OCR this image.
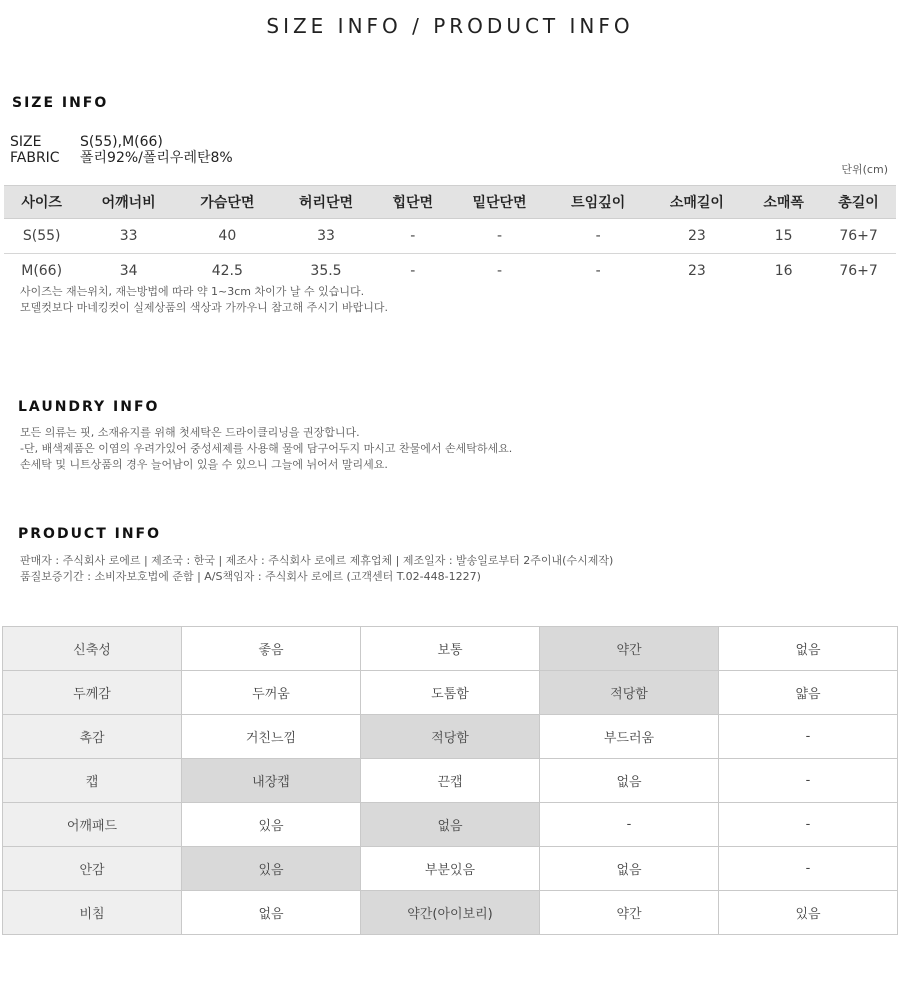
SIZE INFO / PRODUCT INFO
SIZE INFO
SIZE	S(55),M(66)
FABRIC	폴리92%/폴리우레탄8%
단위(cm)
사이즈	어깨너비	가슴단면	허리단면	힙단면	밑단단면	트임깊이	소매길이	소매폭	총길이
S(55)	33	40	33	-	-	-	23	15	76+7
M(66)	34	42.5	35.5	-	-	-	23	16	76+7
사이즈는 재는위치, 재는방법에 따라 약 1~3cm 차이가 날 수 있습니다.
모델컷보다 마네킹컷이 실제상품의 색상과 가까우니 참고해 주시기 바랍니다.
LAUNDRY INFO
모든 의류는 핏, 소재유지를 위해 첫세탁은 드라이클리닝을 권장합니다.
-단, 배색제품은 이염의 우려가있어 중성세제를 사용해 물에 담구어두지 마시고 찬물에서 손세탁하세요.
손세탁 및 니트상품의 경우 늘어남이 있을 수 있으니 그늘에 뉘어서 말리세요.
PRODUCT INFO
판매자 : 주식회사 로에르 | 제조국 : 한국 | 제조사 : 주식회사 로에르 제휴업체 | 제조일자 : 발송일로부터 2주이내(수시제작)
품질보증기간 : 소비자보호법에 준함 | A/S책임자 : 주식회사 로에르 (고객센터 T.02-448-1227)
신축성	좋음	보통	약간	없음
두께감	두꺼움	도톰함	적당함	얇음
촉감	거친느낌	적당함	부드러움	-
캡	내장캡	끈캡	없음	-
어깨패드	있음	없음	-	-
안감	있음	부분있음	없음	-
비침	없음	약간(아이보리)	약간	있음
